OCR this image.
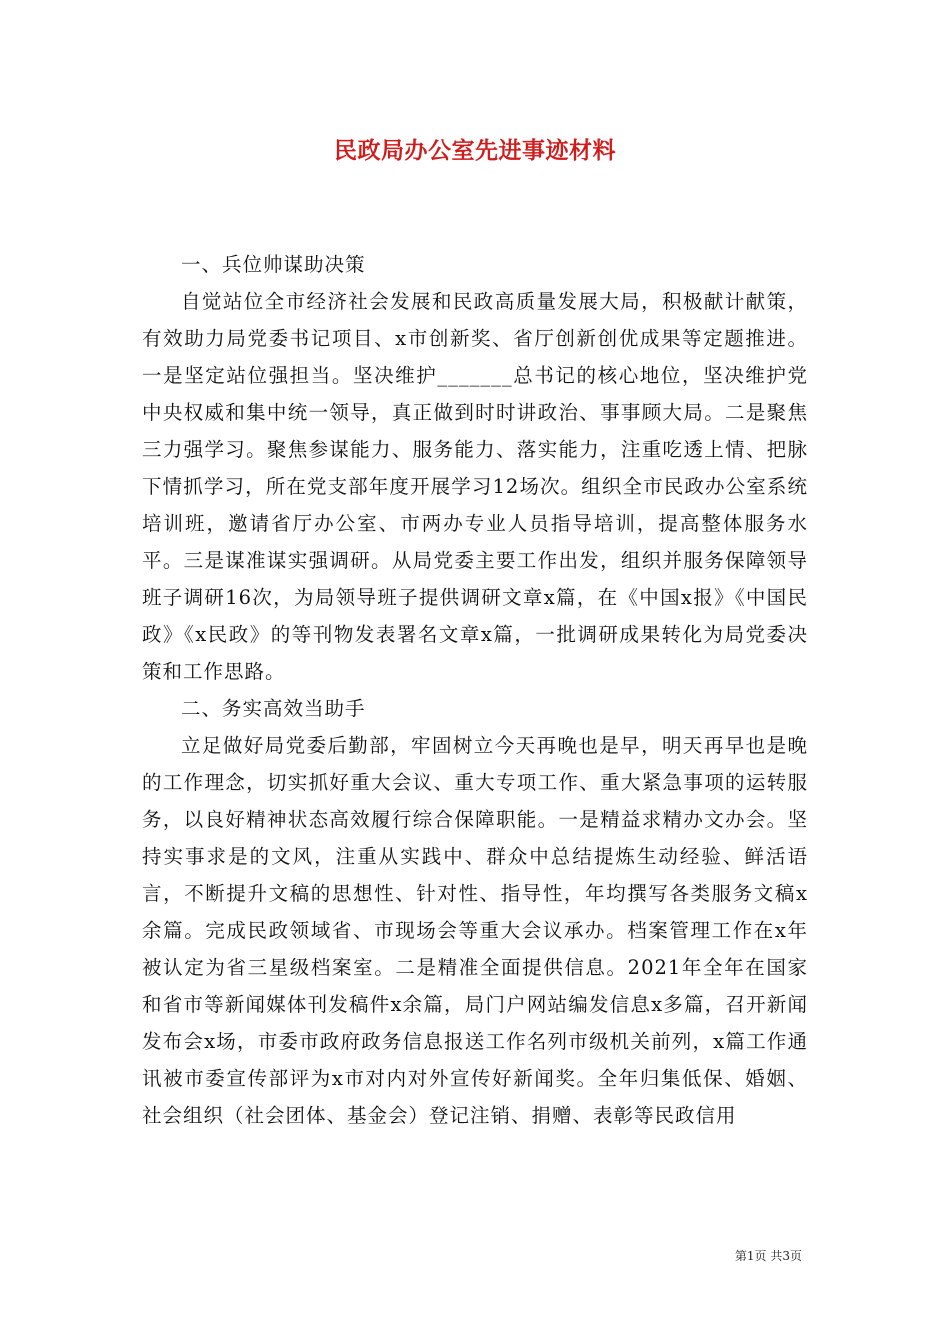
民政局办公室先进事迹材料

一、兵位帅谋助决策

自觉站位全市经济社会发展和民政高质量发展大局，积极献计献策，有效助力局党委书记项目、x市创新奖、省厅创新创优成果等定题推进。一是坚定站位强担当。坚决维护_______总书记的核心地位，坚决维护党中央权威和集中统一领导，真正做到时时讲政治、事事顾大局。二是聚焦三力强学习。聚焦参谋能力、服务能力、落实能力，注重吃透上情、把脉下情抓学习，所在党支部年度开展学习12场次。组织全市民政办公室系统培训班，邀请省厅办公室、市两办专业人员指导培训，提高整体服务水平。三是谋准谋实强调研。从局党委主要工作出发，组织并服务保障领导班子调研16次，为局领导班子提供调研文章x篇，在《中国x报》《中国民政》《x民政》的等刊物发表署名文章x篇，一批调研成果转化为局党委决策和工作思路。

二、务实高效当助手

立足做好局党委后勤部，牢固树立今天再晚也是早，明天再早也是晚的工作理念，切实抓好重大会议、重大专项工作、重大紧急事项的运转服务，以良好精神状态高效履行综合保障职能。一是精益求精办文办会。坚持实事求是的文风，注重从实践中、群众中总结提炼生动经验、鲜活语言，不断提升文稿的思想性、针对性、指导性，年均撰写各类服务文稿x余篇。完成民政领域省、市现场会等重大会议承办。档案管理工作在x年被认定为省三星级档案室。二是精准全面提供信息。2021年全年在国家和省市等新闻媒体刊发稿件x余篇，局门户网站编发信息x多篇，召开新闻发布会x场，市委市政府政务信息报送工作名列市级机关前列，x篇工作通讯被市委宣传部评为x市对内对外宣传好新闻奖。全年归集低保、婚姻、社会组织（社会团体、基金会）登记注销、捐赠、表彰等民政信用

第1页 共3页
